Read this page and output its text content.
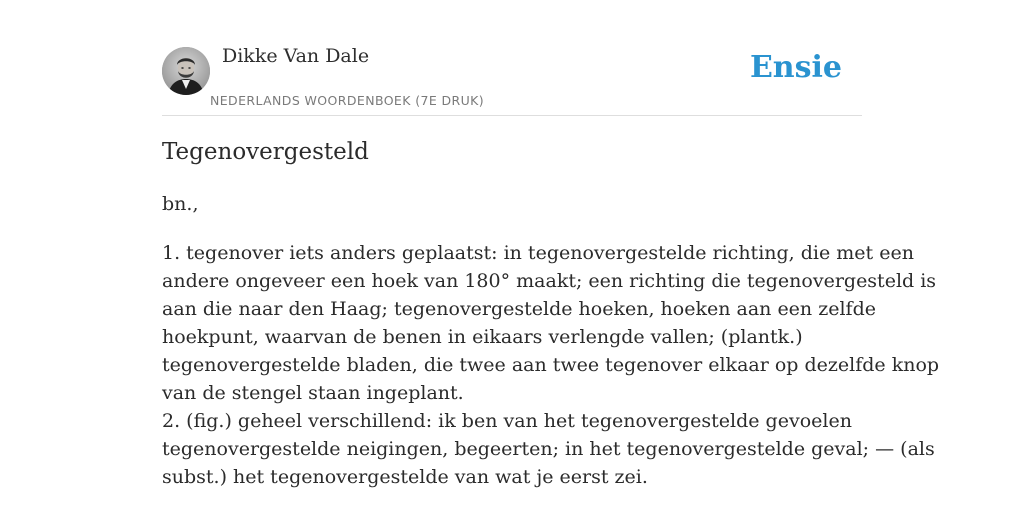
Dikke Van Dale
NEDERLANDS WOORDENBOEK (7E DRUK)
Ensie
Tegenovergesteld
bn.,
1. tegenover iets anders geplaatst: in tegenovergestelde richting, die met een
andere ongeveer een hoek van 180° maakt; een richting die tegenovergesteld is
aan die naar den Haag; tegenovergestelde hoeken, hoeken aan een zelfde
hoekpunt, waarvan de benen in eikaars verlengde vallen; (plantk.)
tegenovergestelde bladen, die twee aan twee tegenover elkaar op dezelfde knop
van de stengel staan ingeplant.
2. (fig.) geheel verschillend: ik ben van het tegenovergestelde gevoelen
tegenovergestelde neigingen, begeerten; in het tegenovergestelde geval; — (als
subst.) het tegenovergestelde van wat je eerst zei.
